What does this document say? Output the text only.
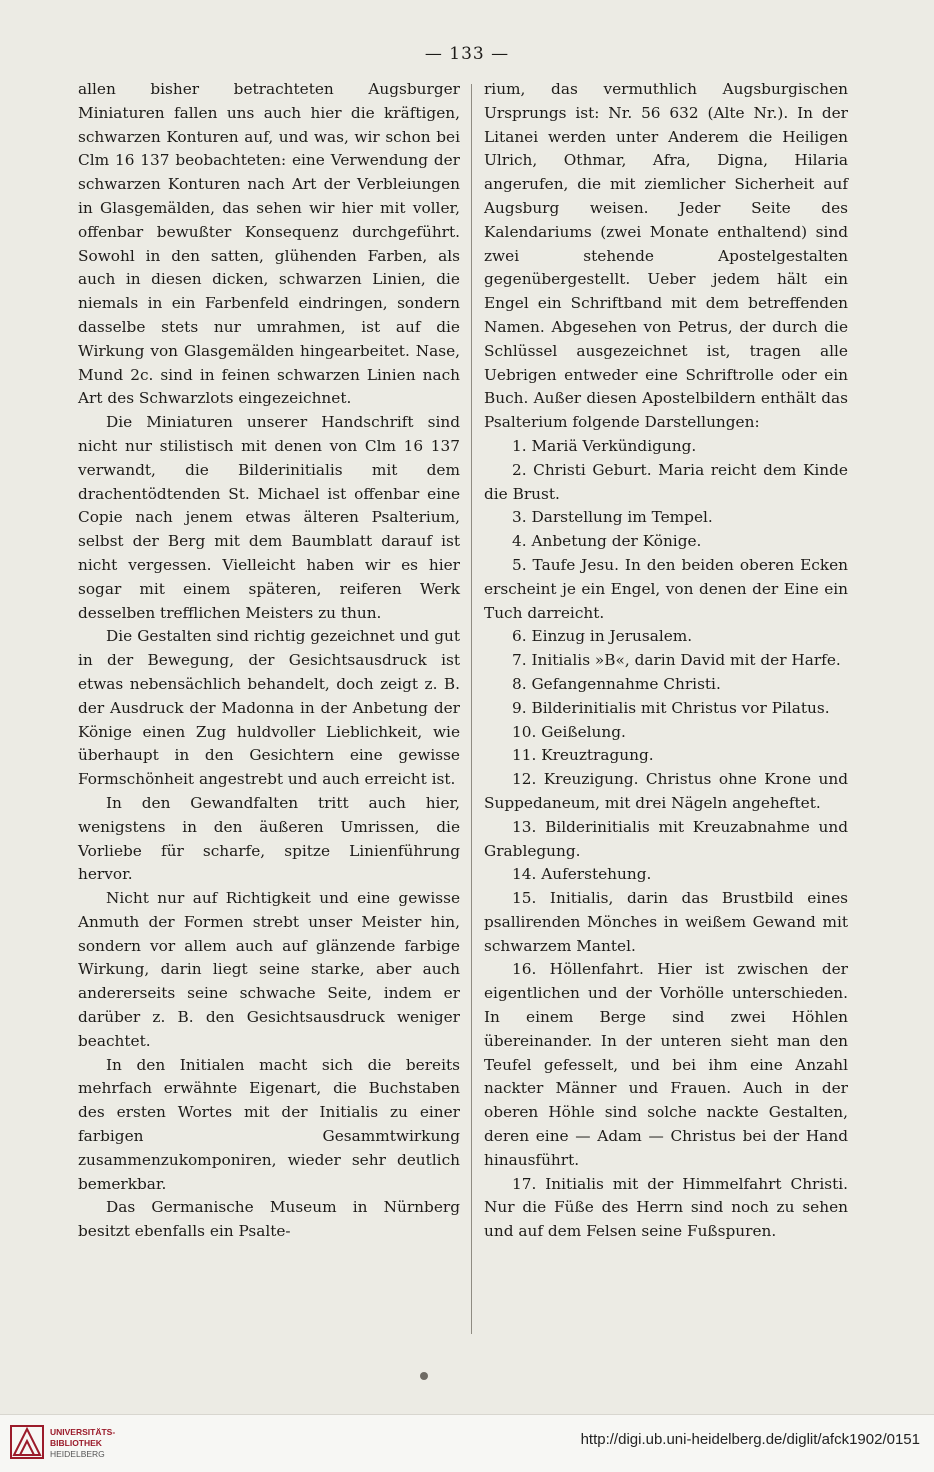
— 133 —

allen bisher betrachteten Augsburger Miniaturen fallen uns auch hier die kräftigen, schwarzen Konturen auf, und was, wir schon bei Clm 16 137 beobachteten: eine Verwendung der schwarzen Konturen nach Art der Verbleiungen in Glasgemälden, das sehen wir hier mit voller, offenbar bewußter Konsequenz durchgeführt. Sowohl in den satten, glühenden Farben, als auch in diesen dicken, schwarzen Linien, die niemals in ein Farbenfeld eindringen, sondern dasselbe stets nur umrahmen, ist auf die Wirkung von Glasgemälden hingearbeitet. Nase, Mund 2c. sind in feinen schwarzen Linien nach Art des Schwarzlots eingezeichnet.

Die Miniaturen unserer Handschrift sind nicht nur stilistisch mit denen von Clm 16 137 verwandt, die Bilderinitialis mit dem drachentödtenden St. Michael ist offenbar eine Copie nach jenem etwas älteren Psalterium, selbst der Berg mit dem Baumblatt darauf ist nicht vergessen. Vielleicht haben wir es hier sogar mit einem späteren, reiferen Werk desselben trefflichen Meisters zu thun.

Die Gestalten sind richtig gezeichnet und gut in der Bewegung, der Gesichtsausdruck ist etwas nebensächlich behandelt, doch zeigt z. B. der Ausdruck der Madonna in der Anbetung der Könige einen Zug huldvoller Lieblichkeit, wie überhaupt in den Gesichtern eine gewisse Formschönheit angestrebt und auch erreicht ist.

In den Gewandfalten tritt auch hier, wenigstens in den äußeren Umrissen, die Vorliebe für scharfe, spitze Linienführung hervor.

Nicht nur auf Richtigkeit und eine gewisse Anmuth der Formen strebt unser Meister hin, sondern vor allem auch auf glänzende farbige Wirkung, darin liegt seine starke, aber auch andererseits seine schwache Seite, indem er darüber z. B. den Gesichtsausdruck weniger beachtet.

In den Initialen macht sich die bereits mehrfach erwähnte Eigenart, die Buchstaben des ersten Wortes mit der Initialis zu einer farbigen Gesammtwirkung zusammenzukomponiren, wieder sehr deutlich bemerkbar.

Das Germanische Museum in Nürnberg besitzt ebenfalls ein Psalte-

rium, das vermuthlich Augsburgischen Ursprungs ist: Nr. 56 632 (Alte Nr.). In der Litanei werden unter Anderem die Heiligen Ulrich, Othmar, Afra, Digna, Hilaria angerufen, die mit ziemlicher Sicherheit auf Augsburg weisen. Jeder Seite des Kalendariums (zwei Monate enthaltend) sind zwei stehende Apostelgestalten gegenübergestellt. Ueber jedem hält ein Engel ein Schriftband mit dem betreffenden Namen. Abgesehen von Petrus, der durch die Schlüssel ausgezeichnet ist, tragen alle Uebrigen entweder eine Schriftrolle oder ein Buch. Außer diesen Apostelbildern enthält das Psalterium folgende Darstellungen:

1. Mariä Verkündigung.

2. Christi Geburt. Maria reicht dem Kinde die Brust.

3. Darstellung im Tempel.

4. Anbetung der Könige.

5. Taufe Jesu. In den beiden oberen Ecken erscheint je ein Engel, von denen der Eine ein Tuch darreicht.

6. Einzug in Jerusalem.

7. Initialis »B«, darin David mit der Harfe.

8. Gefangennahme Christi.

9. Bilderinitialis mit Christus vor Pilatus.

10. Geißelung.

11. Kreuztragung.

12. Kreuzigung. Christus ohne Krone und Suppedaneum, mit drei Nägeln angeheftet.

13. Bilderinitialis mit Kreuzabnahme und Grablegung.

14. Auferstehung.

15. Initialis, darin das Brustbild eines psallirenden Mönches in weißem Gewand mit schwarzem Mantel.

16. Höllenfahrt. Hier ist zwischen der eigentlichen und der Vorhölle unterschieden. In einem Berge sind zwei Höhlen übereinander. In der unteren sieht man den Teufel gefesselt, und bei ihm eine Anzahl nackter Männer und Frauen. Auch in der oberen Höhle sind solche nackte Gestalten, deren eine — Adam — Christus bei der Hand hinausführt.

17. Initialis mit der Himmelfahrt Christi. Nur die Füße des Herrn sind noch zu sehen und auf dem Felsen seine Fußspuren.

UNIVERSITÄTS-
BIBLIOTHEK
HEIDELBERG
http://digi.ub.uni-heidelberg.de/diglit/afck1902/0151
